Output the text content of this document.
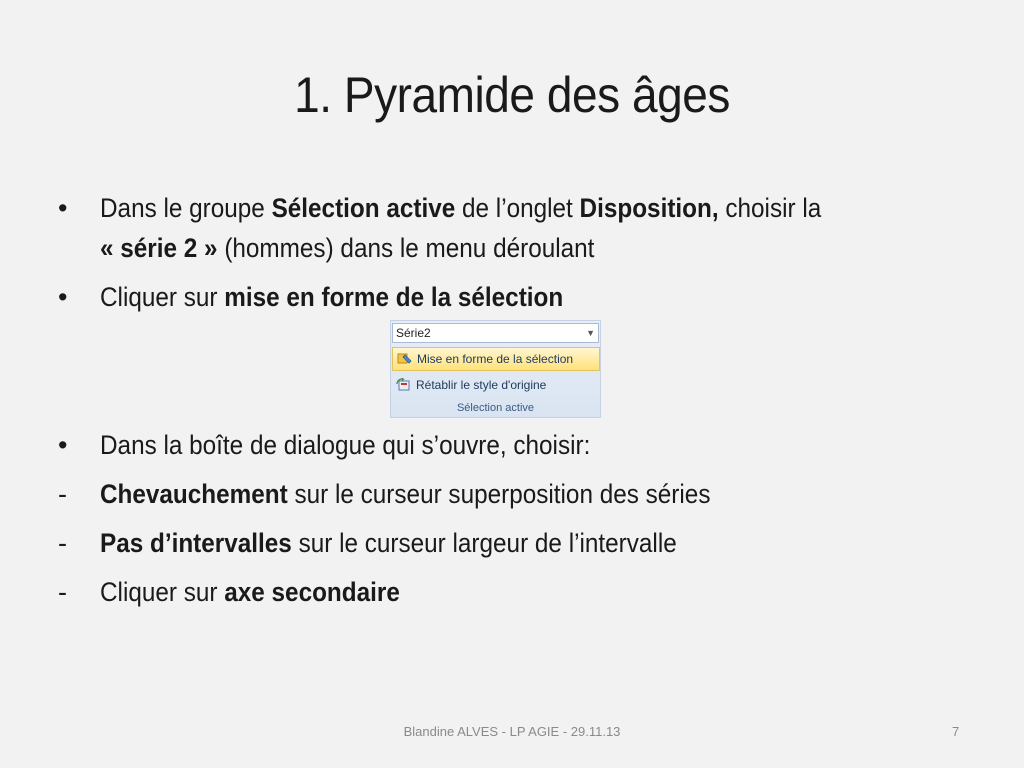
1. Pyramide des âges
• Dans le groupe Sélection active de l’onglet Disposition, choisir la
« série 2 » (hommes) dans le menu déroulant
• Cliquer sur mise en forme de la sélection
Série2	▼
Mise en forme de la sélection
Rétablir le style d'origine
Sélection active
• Dans la boîte de dialogue qui s’ouvre, choisir:
- Chevauchement sur le curseur superposition des séries
- Pas d’intervalles sur le curseur largeur de l’intervalle
- Cliquer sur axe secondaire
Blandine ALVES - LP AGIE - 29.11.13	7
